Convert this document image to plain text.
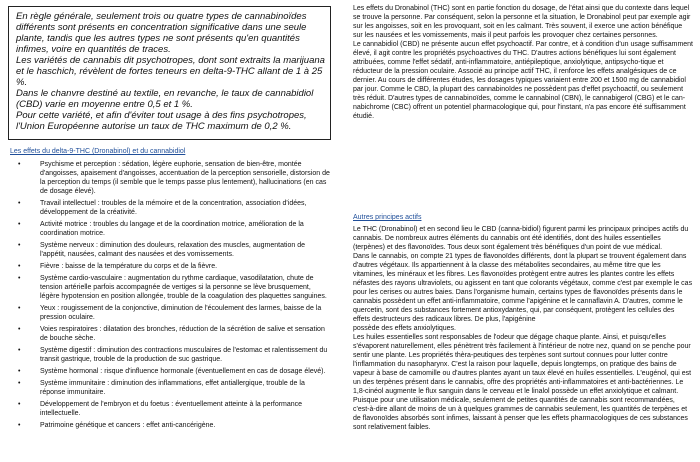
En règle générale, seulement trois ou quatre types de cannabinoïdes différents sont présents en concentration significative dans une seule plante, tandis que les autres types ne sont présents qu'en quantités infimes, voire en quantités de traces.

Les variétés de cannabis dit psychotropes, dont sont extraits la marijuana et le haschich, révèlent de fortes teneurs en delta-9-THC allant de 1 à 25 %.

Dans le chanvre destiné au textile, en revanche, le taux de cannabidiol (CBD) varie en moyenne entre 0,5 et 1 %.

Pour cette variété, et afin d'éviter tout usage à des fins psychotropes, l'Union Européenne autorise un taux de THC maximum de 0,2 %.

Les effets du delta-9-THC (Dronabinol) et du cannabidiol
•	Psychisme et perception : sédation, légère euphorie, sensation de bien-être, montée d'angoisses, apaisement d'angoisses, accentuation de la perception sensorielle, distorsion de la perception du temps (il semble que le temps passe plus lentement), hallucinations (en cas de dosage élevé).
•	Travail intellectuel : troubles de la mémoire et de la concentration, association d'idées, développement de la créativité.
•	Activité motrice : troubles du langage et de la coordination motrice, amélioration de la coordination motrice.
•	Système nerveux : diminution des douleurs, relaxation des muscles, augmentation de l'appétit, nausées, calmant des nausées et des vomissements.
•	Fièvre : baisse de la température du corps et de la fièvre.
•	Système cardio-vasculaire : augmentation du rythme cardiaque, vasodilatation, chute de tension artérielle parfois accompagnée de vertiges si la personne se lève brusquement, légère hypotension en position allongée, trouble de la coagulation des plaquettes sanguines.
•	Yeux : rougissement de la conjonctive, diminution de l'écoulement des larmes, baisse de la pression oculaire.
•	Voies respiratoires : dilatation des bronches, réduction de la sécrétion de salive et sensation de bouche sèche.
•	Système digestif : diminution des contractions musculaires de l'estomac et ralentissement du transit gastrique, trouble de la production de suc gastrique.
•	Système hormonal : risque d'influence hormonale (éventuellement en cas de dosage élevé).
•	Système immunitaire : diminution des inflammations, effet antiallergique, trouble de la réponse immunitaire.
•	Développement de l'embryon et du foetus : éventuellement atteinte à la performance intellectuelle.
•	Patrimoine génétique et cancers : effet anti-cancérigène.

Les effets du Dronabinol (THC) sont en partie fonction du dosage, de l'état ainsi que du contexte dans lequel se trouve la personne. Par conséquent, selon la personne et la situation, le Dronabinol peut par exemple agir sur les angoisses, soit en les provoquant, soit en les calmant. Très souvent, il exerce une action bénéfique sur les nausées et les vomissements, mais il peut parfois les provoquer chez certaines personnes.

Le cannabidiol (CBD) ne présente aucun effet psychoactif. Par contre, et à condition d'un usage suffisamment élevé, il agit contre les propriétés psychoactives du THC. D'autres actions bénéfiques lui sont également attribuées, comme l'effet sédatif, anti-inflammatoire, antiépileptique, anxiolytique, antipsycho-tique et réducteur de la pression oculaire. Associé au principe actif THC, il renforce les effets analgésiques de ce dernier. Au cours de différentes études, les dosages typiques variaient entre 200 et 1500 mg de cannabidiol par jour. Comme le CBD, la plupart des cannabinoïdes ne possèdent pas d'effet psychoactif, ou seulement très réduit. D'autres types de cannabinoïdes, comme le cannabinol (CBN), le cannabigerol (CBG) et le can-nabichrome (CBC) offrent un potentiel pharmacologique qui, pour l'instant, n'a pas encore été suffisamment étudié.

Autres principes actifs

Le THC (Dronabinol) et en second lieu le CBD (canna-bidiol) figurent parmi les principaux principes actifs du cannabis. De nombreux autres éléments du cannabis ont été identifiés, dont des huiles essentielles (terpènes) et des flavonoïdes. Tous deux sont également très bénéfiques d'un point de vue médical.

Dans le cannabis, on compte 21 types de flavonoïdes différents, dont la plupart se trouvent également dans d'autres végétaux. Ils appartiennent à la classe des métabolites secondaires, au même titre que les vitamines, les minéraux et les fibres. Les flavonoïdes protègent entre autres les plantes contre les effets néfastes des rayons ultraviolets, ou agissent en tant que colorants végétaux, comme c'est par exemple le cas pour les cerises ou autres baies. Dans l'organisme humain, certains types de flavonoïdes présents dans le cannabis possèdent un effet anti-inflammatoire, comme l'apigénine et le cannaflavin A. D'autres, comme le quercetin, sont des substances fortement antioxydantes, qui, par conséquent, protègent les cellules des effets destructeurs des radicaux libres. De plus, l'apigénine

possède des effets anxiolytiques.

Les huiles essentielles sont responsables de l'odeur que dégage chaque plante. Ainsi, et puisqu'elles s'évaporent naturellement, elles pénètrent très facilement à l'intérieur de notre nez, quand on se penche pour sentir une plante. Les propriétés thèra-peutiques des terpènes sont surtout connues pour lutter contre l'inflammation du nasopharynx. C'est la raison pour laquelle, depuis longtemps, on pratique des bains de vapeur à base de camomille ou d'autres plantes ayant un taux élevé en huiles essentielles. L'eugénol, qui est un des terpènes présent dans le cannabis, offre des propriétés anti-inflammatoires et anti-bactériennes. Le 1,8-cinéol augmente le flux sanguin dans le cerveau et le linalol possède un effet anxiolytique et calmant.

Puisque pour une utilisation médicale, seulement de petites quantités de cannabis sont recommandées, c'est-à-dire allant de moins de un à quelques grammes de cannabis seulement, les quantités de terpènes et de flavonoïdes absorbés sont infimes, laissant à penser que les effets pharmacologiques de ces substances sont relativement faibles.
